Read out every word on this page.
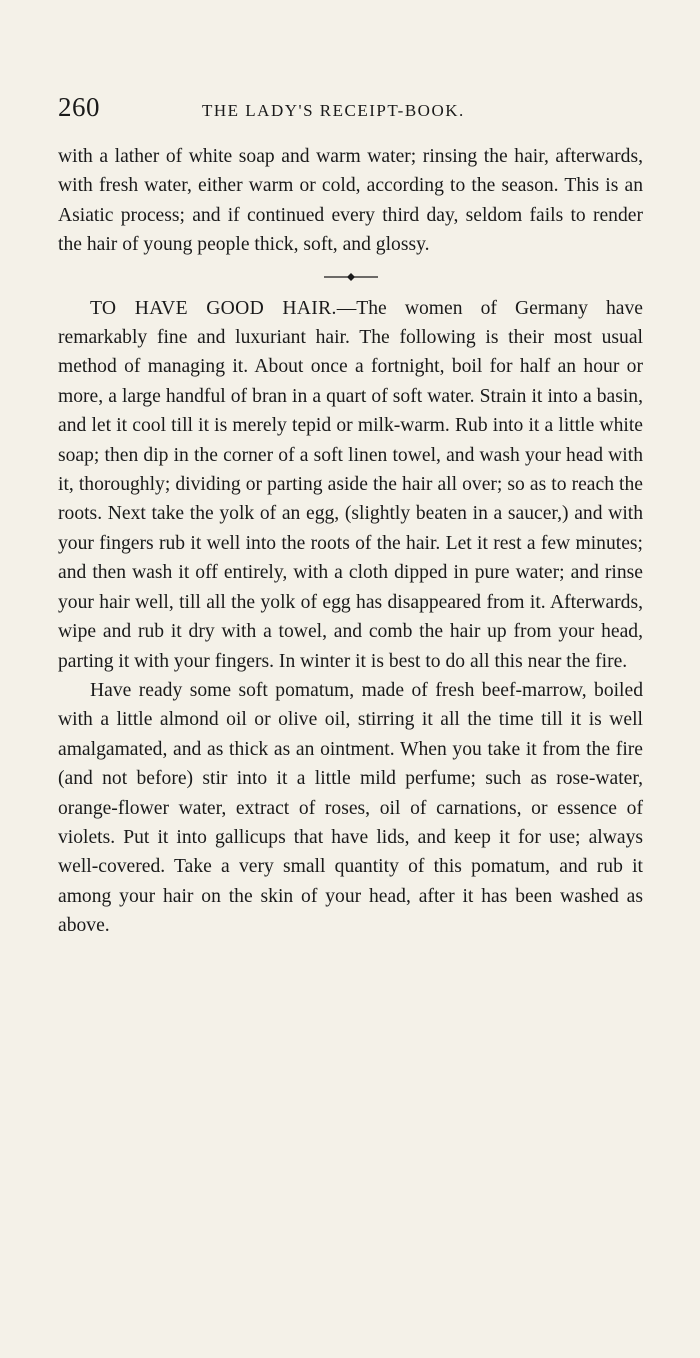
260	THE LADY'S RECEIPT-BOOK.

with a lather of white soap and warm water; rinsing the hair, afterwards, with fresh water, either warm or cold, according to the season. This is an Asiatic process; and if continued every third day, seldom fails to render the hair of young people thick, soft, and glossy.

TO HAVE GOOD HAIR.—The women of Germany have remarkably fine and luxuriant hair. The following is their most usual method of managing it. About once a fortnight, boil for half an hour or more, a large handful of bran in a quart of soft water. Strain it into a basin, and let it cool till it is merely tepid or milk-warm. Rub into it a little white soap; then dip in the corner of a soft linen towel, and wash your head with it, thoroughly; dividing or parting aside the hair all over; so as to reach the roots. Next take the yolk of an egg, (slightly beaten in a saucer,) and with your fingers rub it well into the roots of the hair. Let it rest a few minutes; and then wash it off entirely, with a cloth dipped in pure water; and rinse your hair well, till all the yolk of egg has disappeared from it. Afterwards, wipe and rub it dry with a towel, and comb the hair up from your head, parting it with your fingers. In winter it is best to do all this near the fire.

Have ready some soft pomatum, made of fresh beef-marrow, boiled with a little almond oil or olive oil, stirring it all the time till it is well amalgamated, and as thick as an ointment. When you take it from the fire (and not before) stir into it a little mild perfume; such as rose-water, orange-flower water, extract of roses, oil of carnations, or essence of violets. Put it into gallicups that have lids, and keep it for use; always well-covered. Take a very small quantity of this pomatum, and rub it among your hair on the skin of your head, after it has been washed as above.
